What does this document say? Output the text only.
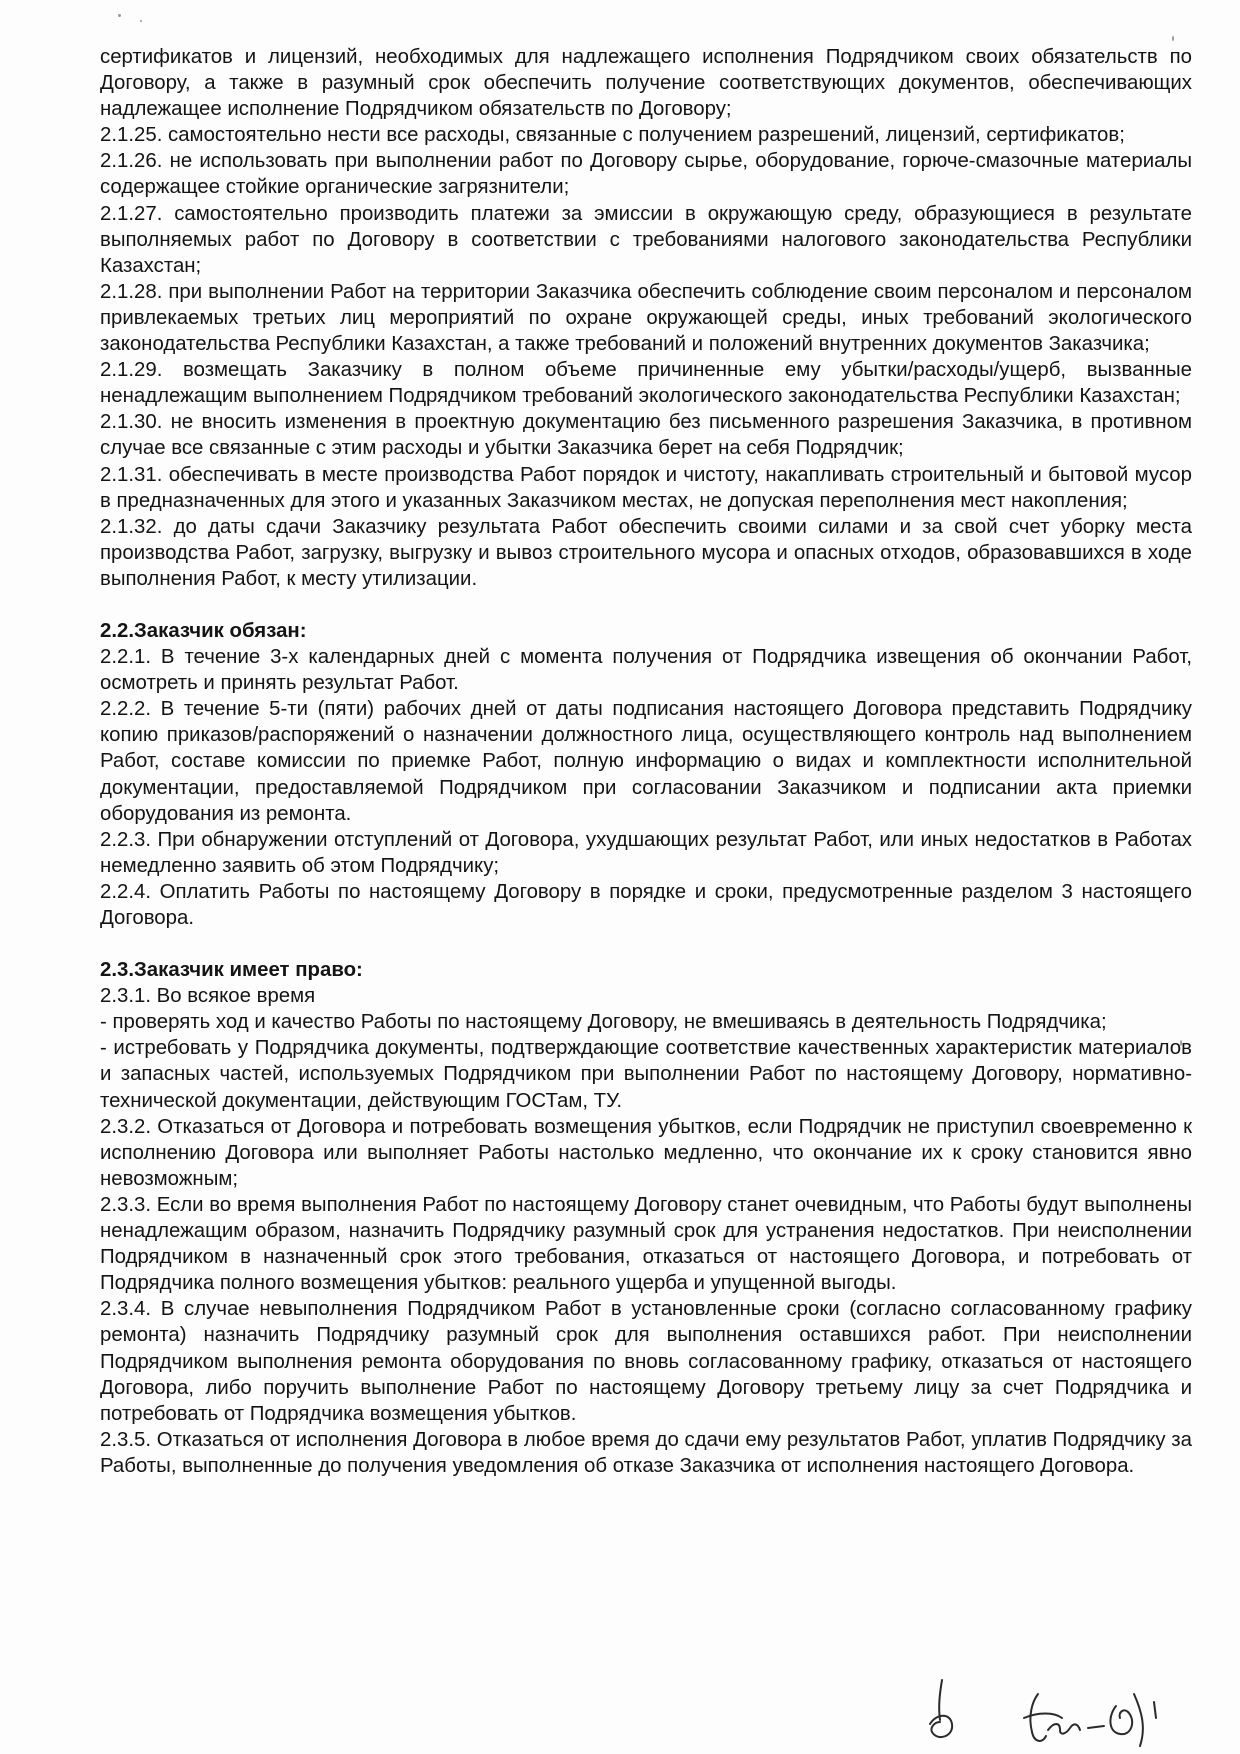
сертификатов и лицензий, необходимых для надлежащего исполнения Подрядчиком своих обязательств по Договору, а также в разумный срок обеспечить получение соответствующих документов, обеспечивающих надлежащее исполнение Подрядчиком обязательств по Договору;

2.1.25. самостоятельно нести все расходы, связанные с получением разрешений, лицензий, сертификатов;

2.1.26. не использовать при выполнении работ по Договору сырье, оборудование, горюче-смазочные материалы содержащее стойкие органические загрязнители;

2.1.27. самостоятельно производить платежи за эмиссии в окружающую среду, образующиеся в результате выполняемых работ по Договору в соответствии с требованиями налогового законодательства Республики Казахстан;

2.1.28. при выполнении Работ на территории Заказчика обеспечить соблюдение своим персоналом и персоналом привлекаемых третьих лиц мероприятий по охране окружающей среды, иных требований экологического законодательства Республики Казахстан, а также требований и положений внутренних документов Заказчика;

2.1.29. возмещать Заказчику в полном объеме причиненные ему убытки/расходы/ущерб, вызванные ненадлежащим выполнением Подрядчиком требований экологического законодательства Республики Казахстан;

2.1.30. не вносить изменения в проектную документацию без письменного разрешения Заказчика, в противном случае все связанные с этим расходы и убытки Заказчика берет на себя Подрядчик;

2.1.31. обеспечивать в месте производства Работ порядок и чистоту, накапливать строительный и бытовой мусор в предназначенных для этого и указанных Заказчиком местах, не допуская переполнения мест накопления;

2.1.32. до даты сдачи Заказчику результата Работ обеспечить своими силами и за свой счет уборку места производства Работ, загрузку, выгрузку и вывоз строительного мусора и опасных отходов, образовавшихся в ходе выполнения Работ, к месту утилизации.

2.2.Заказчик обязан:

2.2.1. В течение 3-х календарных дней с момента получения от Подрядчика извещения об окончании Работ, осмотреть и принять результат Работ.

2.2.2. В течение 5-ти (пяти) рабочих дней от даты подписания настоящего Договора представить Подрядчику копию приказов/распоряжений о назначении должностного лица, осуществляющего контроль над выполнением Работ, составе комиссии по приемке Работ, полную информацию о видах и комплектности исполнительной документации, предоставляемой Подрядчиком при согласовании Заказчиком и подписании акта приемки оборудования из ремонта.

2.2.3. При обнаружении отступлений от Договора, ухудшающих результат Работ, или иных недостатков в Работах немедленно заявить об этом Подрядчику;

2.2.4. Оплатить Работы по настоящему Договору в порядке и сроки, предусмотренные разделом 3 настоящего Договора.

2.3.Заказчик имеет право:

2.3.1. Во всякое время

- проверять ход и качество Работы по настоящему Договору, не вмешиваясь в деятельность Подрядчика;

- истребовать у Подрядчика документы, подтверждающие соответствие качественных характеристик материалов и запасных частей, используемых Подрядчиком при выполнении Работ по настоящему Договору, нормативно-технической документации, действующим ГОСТам, ТУ.

2.3.2. Отказаться от Договора и потребовать возмещения убытков, если Подрядчик не приступил своевременно к исполнению Договора или выполняет Работы настолько медленно, что окончание их к сроку становится явно невозможным;

2.3.3. Если во время выполнения Работ по настоящему Договору станет очевидным, что Работы будут выполнены ненадлежащим образом, назначить Подрядчику разумный срок для устранения недостатков. При неисполнении Подрядчиком в назначенный срок этого требования, отказаться от настоящего Договора, и потребовать от Подрядчика полного возмещения убытков: реального ущерба и упущенной выгоды.

2.3.4. В случае невыполнения Подрядчиком Работ в установленные сроки (согласно согласованному графику ремонта) назначить Подрядчику разумный срок для выполнения оставшихся работ. При неисполнении Подрядчиком выполнения ремонта оборудования по вновь согласованному графику, отказаться от настоящего Договора, либо поручить выполнение Работ по настоящему Договору третьему лицу за счет Подрядчика и потребовать от Подрядчика возмещения убытков.

2.3.5. Отказаться от исполнения Договора в любое время до сдачи ему результатов Работ, уплатив Подрядчику за Работы, выполненные до получения уведомления об отказе Заказчика от исполнения настоящего Договора.
